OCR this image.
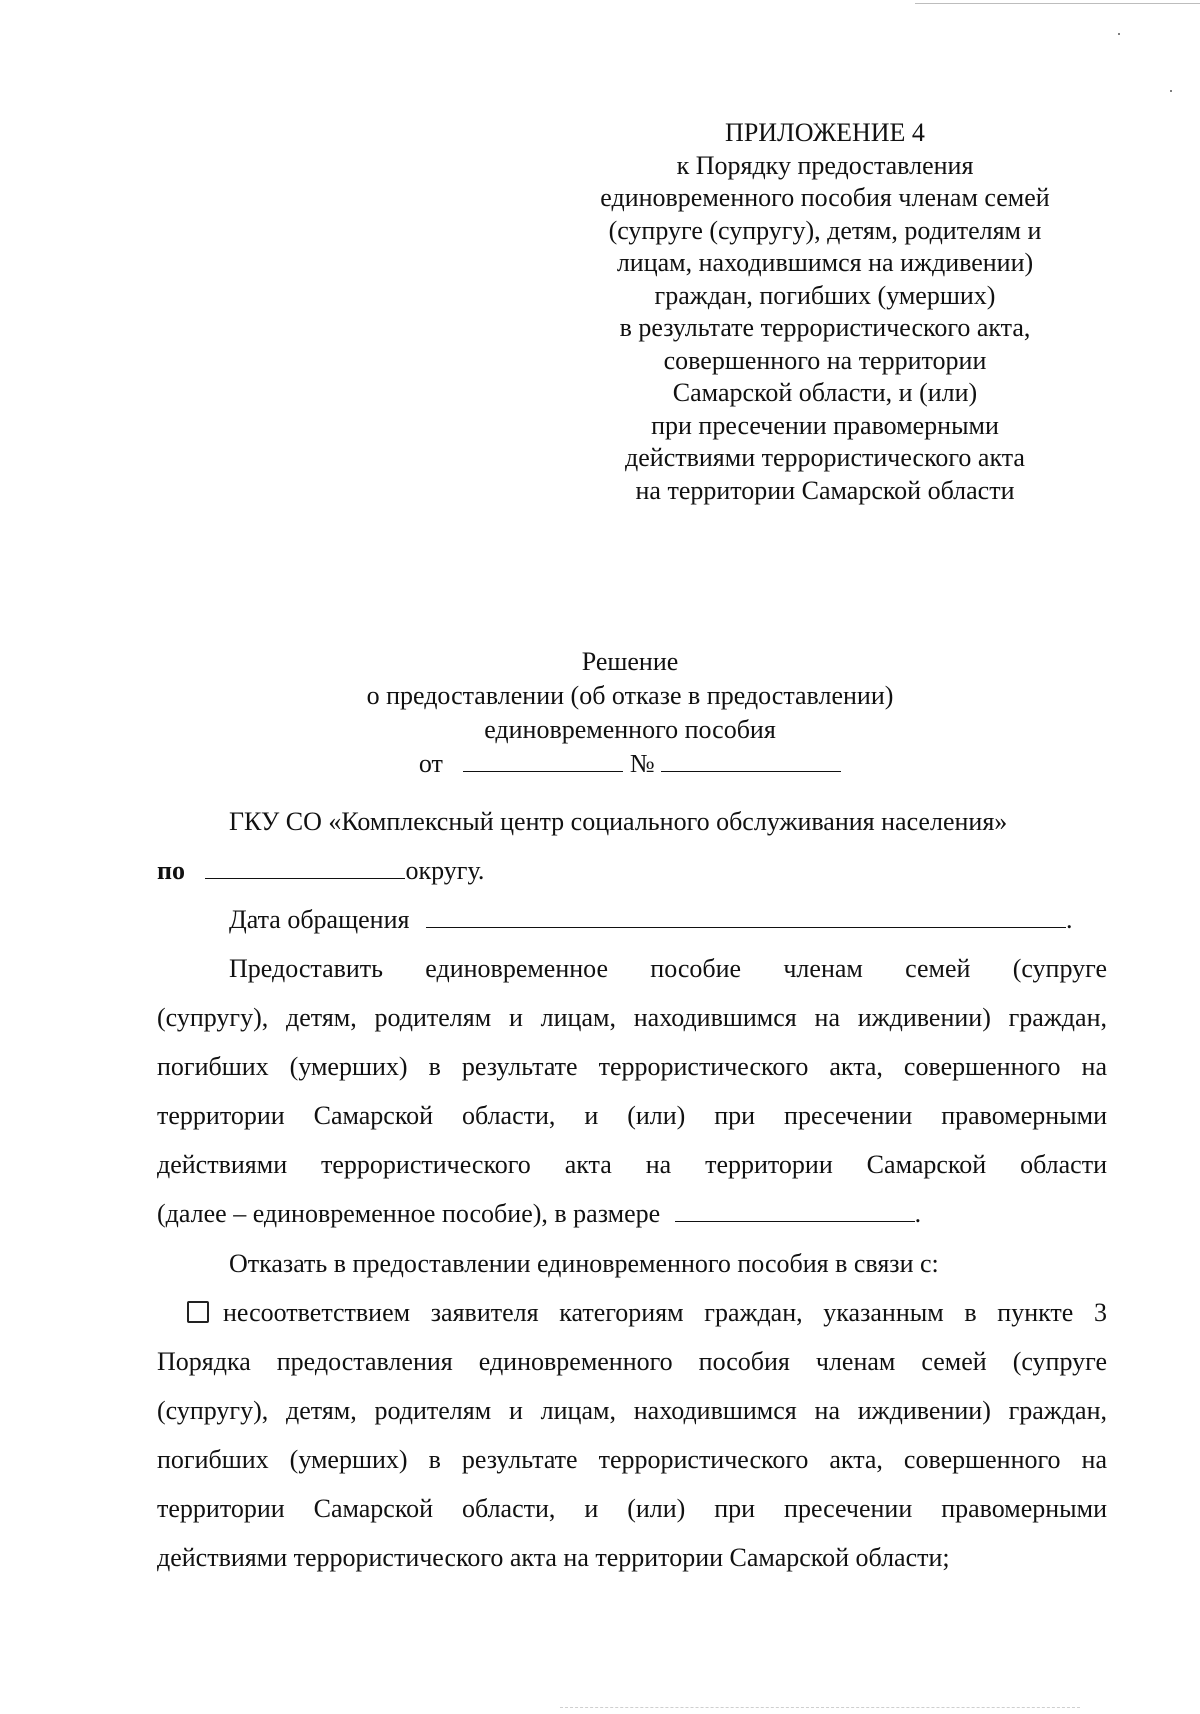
ПРИЛОЖЕНИЕ 4
к Порядку предоставления
единовременного пособия членам семей
(супруге (супругу), детям, родителям и
лицам, находившимся на иждивении)
граждан, погибших (умерших)
в результате террористического акта,
совершенного на территории
Самарской области, и (или)
при пресечении правомерными
действиями террористического акта
на территории Самарской области
Решение
о предоставлении (об отказе в предоставлении)
единовременного пособия
от	№
ГКУ СО «Комплексный центр социального обслуживания населения»
по	округу.
Дата обращения	.
Предоставить единовременное пособие членам семей (супруге
(супругу), детям, родителям и лицам, находившимся на иждивении) граждан,
погибших (умерших) в результате террористического акта, совершенного на
территории Самарской области, и (или) при пресечении правомерными
действиями террористического акта на территории Самарской области
(далее – единовременное пособие), в размере	.
Отказать в предоставлении единовременного пособия в связи с:
несоответствием заявителя категориям граждан, указанным в пункте 3
Порядка предоставления единовременного пособия членам семей (супруге
(супругу), детям, родителям и лицам, находившимся на иждивении) граждан,
погибших (умерших) в результате террористического акта, совершенного на
территории Самарской области, и (или) при пресечении правомерными
действиями террористического акта на территории Самарской области;
